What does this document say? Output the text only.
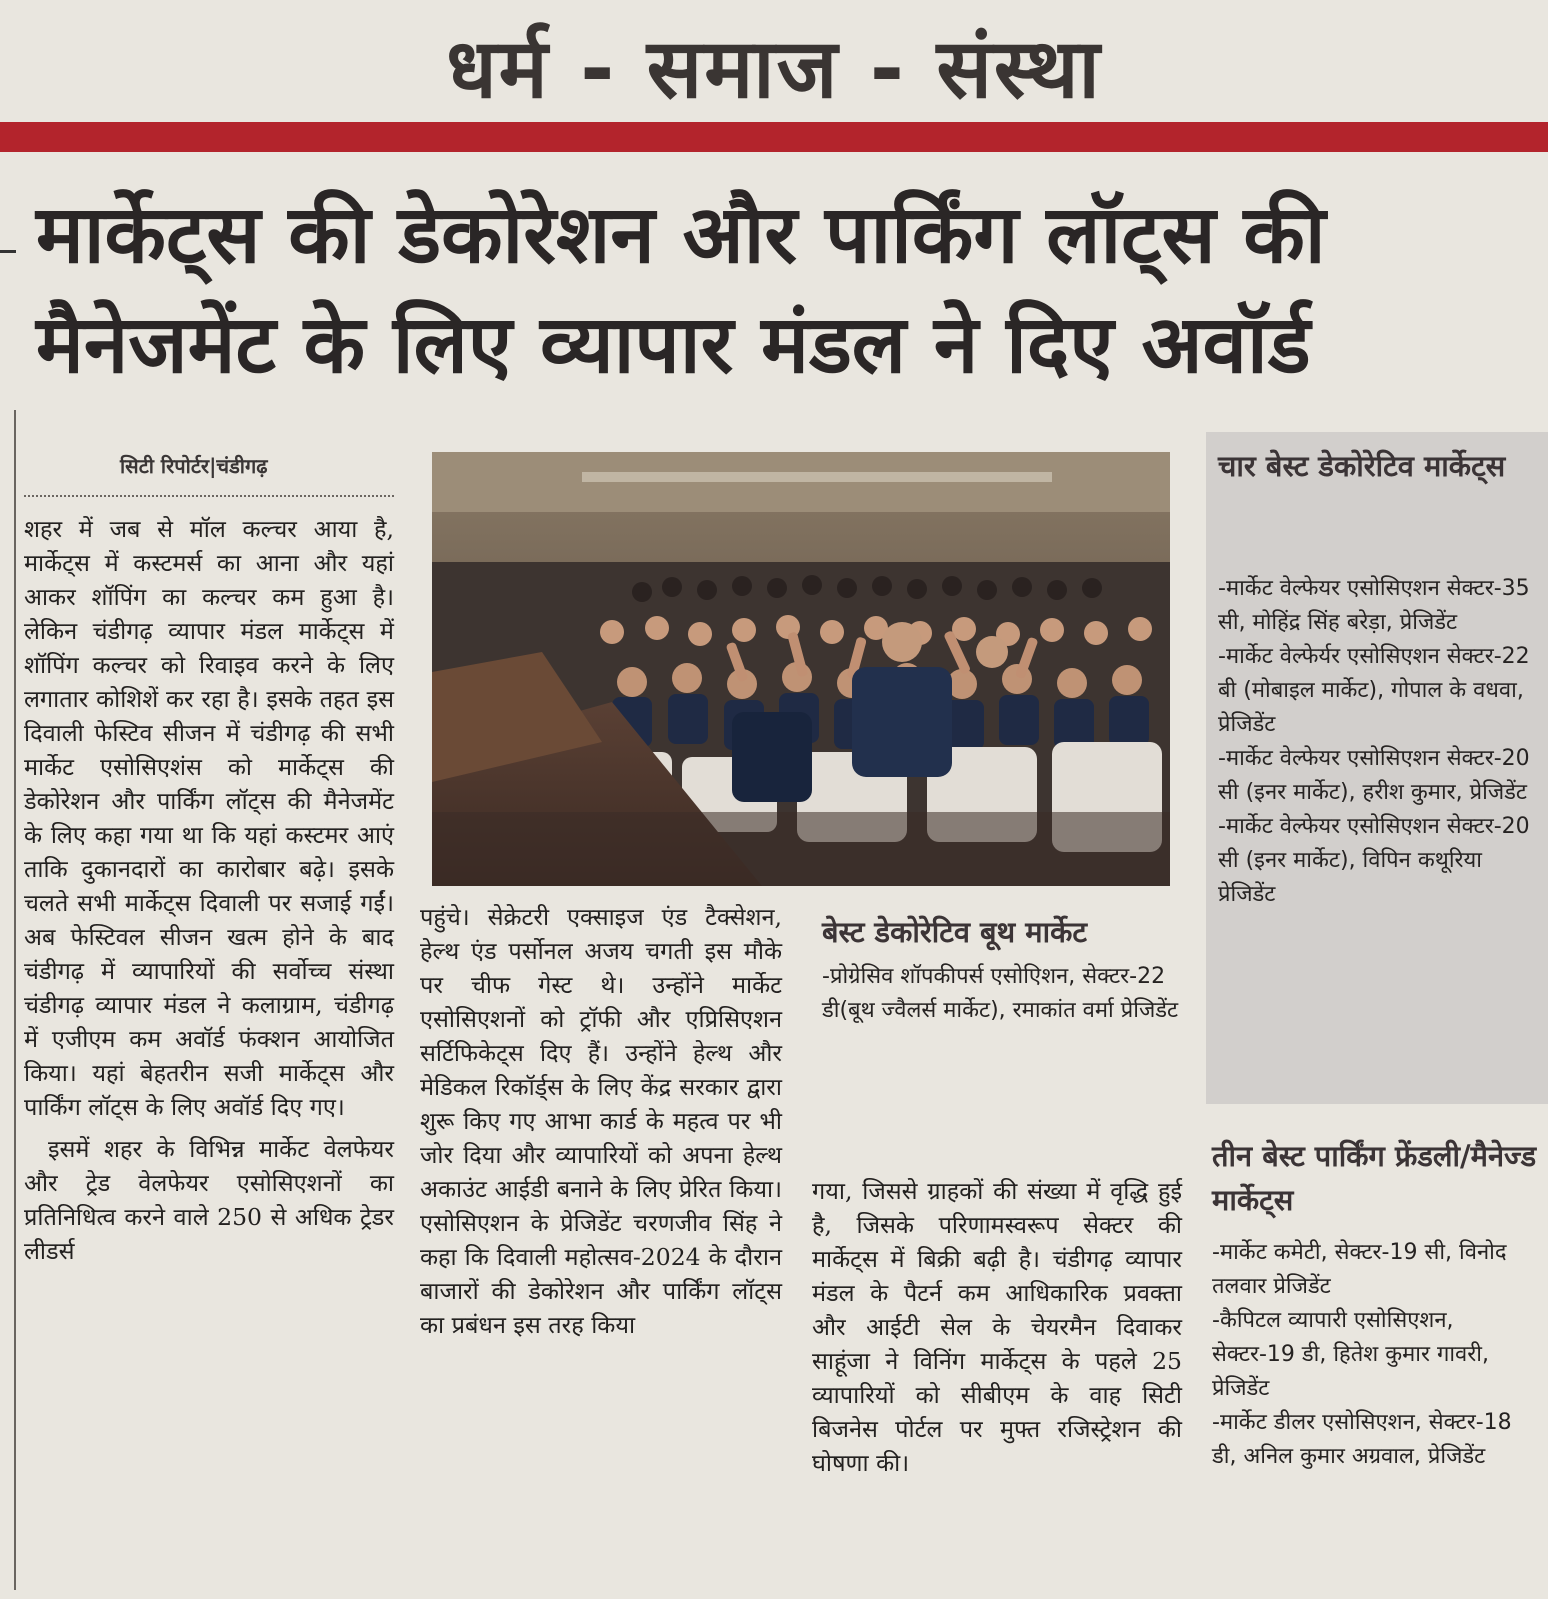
धर्म - समाज - संस्था
मार्केट्स की डेकोरेशन और पार्किंग लॉट्स की
मैनेजमेंट के लिए व्यापार मंडल ने दिए अवॉर्ड
सिटी रिपोर्टर|चंडीगढ़

शहर में जब से मॉल कल्चर आया है, मार्केट्स में कस्टमर्स का आना और यहां आकर शॉपिंग का कल्चर कम हुआ है। लेकिन चंडीगढ़ व्यापार मंडल मार्केट्स में शॉपिंग कल्चर को रिवाइव करने के लिए लगातार कोशिशें कर रहा है। इसके तहत इस दिवाली फेस्टिव सीजन में चंडीगढ़ की सभी मार्केट एसोसिएशंस को मार्केट्स की डेकोरेशन और पार्किंग लॉट्स की मैनेजमेंट के लिए कहा गया था कि यहां कस्टमर आएं ताकि दुकानदारों का कारोबार बढ़े। इसके चलते सभी मार्केट्स दिवाली पर सजाई गईं। अब फेस्टिवल सीजन खत्म होने के बाद चंडीगढ़ में व्यापारियों की सर्वोच्च संस्था चंडीगढ़ व्यापार मंडल ने कलाग्राम, चंडीगढ़ में एजीएम कम अवॉर्ड फंक्शन आयोजित किया। यहां बेहतरीन सजी मार्केट्स और पार्किंग लॉट्स के लिए अवॉर्ड दिए गए।

इसमें शहर के विभिन्न मार्केट वेलफेयर और ट्रेड वेलफेयर एसोसिएशनों का प्रतिनिधित्व करने वाले 250 से अधिक ट्रेडर लीडर्स

पहुंचे। सेक्रेटरी एक्साइज एंड टैक्सेशन, हेल्थ एंड पर्सोनल अजय चगती इस मौके पर चीफ गेस्ट थे। उन्होंने मार्केट एसोसिएशनों को ट्रॉफी और एप्रिसिएशन सर्टिफिकेट्स दिए हैं। उन्होंने हेल्थ और मेडिकल रिकॉर्ड्स के लिए केंद्र सरकार द्वारा शुरू किए गए आभा कार्ड के महत्व पर भी जोर दिया और व्यापारियों को अपना हेल्थ अकाउंट आईडी बनाने के लिए प्रेरित किया। एसोसिएशन के प्रेजिडेंट चरणजीव सिंह ने कहा कि दिवाली महोत्सव-2024 के दौरान बाजारों की डेकोरेशन और पार्किंग लॉट्स का प्रबंधन इस तरह किया

बेस्ट डेकोरेटिव बूथ मार्केट
-प्रोग्रेसिव शॉपकीपर्स एसोएिशन, सेक्टर-22 डी(बूथ ज्वैलर्स मार्केट), रमाकांत वर्मा प्रेजिडेंट

गया, जिससे ग्राहकों की संख्या में वृद्धि हुई है, जिसके परिणामस्वरूप सेक्टर की मार्केट्स में बिक्री बढ़ी है। चंडीगढ़ व्यापार मंडल के पैटर्न कम आधिकारिक प्रवक्ता और आईटी सेल के चेयरमैन दिवाकर साहूंजा ने विनिंग मार्केट्स के पहले 25 व्यापारियों को सीबीएम के वाह सिटी बिजनेस पोर्टल पर मुफ्त रजिस्ट्रेशन की घोषणा की।

चार बेस्ट डेकोरेटिव मार्केट्स
-मार्केट वेल्फेयर एसोसिएशन सेक्टर-35 सी, मोहिंद्र सिंह बरेड़ा, प्रेजिडेंट
-मार्केट वेल्फेर्यर एसोसिएशन सेक्टर-22 बी (मोबाइल मार्केट), गोपाल के वधवा, प्रेजिडेंट
-मार्केट वेल्फेयर एसोसिएशन सेक्टर-20 सी (इनर मार्केट), हरीश कुमार, प्रेजिडेंट
-मार्केट वेल्फेयर एसोसिएशन सेक्टर-20 सी (इनर मार्केट), विपिन कथूरिया प्रेजिडेंट
तीन बेस्ट पार्किंग फ्रेंडली/मैनेज्ड मार्केट्स
-मार्केट कमेटी, सेक्टर-19 सी, विनोद तलवार प्रेजिडेंट
-कैपिटल व्यापारी एसोसिएशन, सेक्टर-19 डी, हितेश कुमार गावरी, प्रेजिडेंट
-मार्केट डीलर एसोसिएशन, सेक्टर-18 डी, अनिल कुमार अग्रवाल, प्रेजिडेंट
